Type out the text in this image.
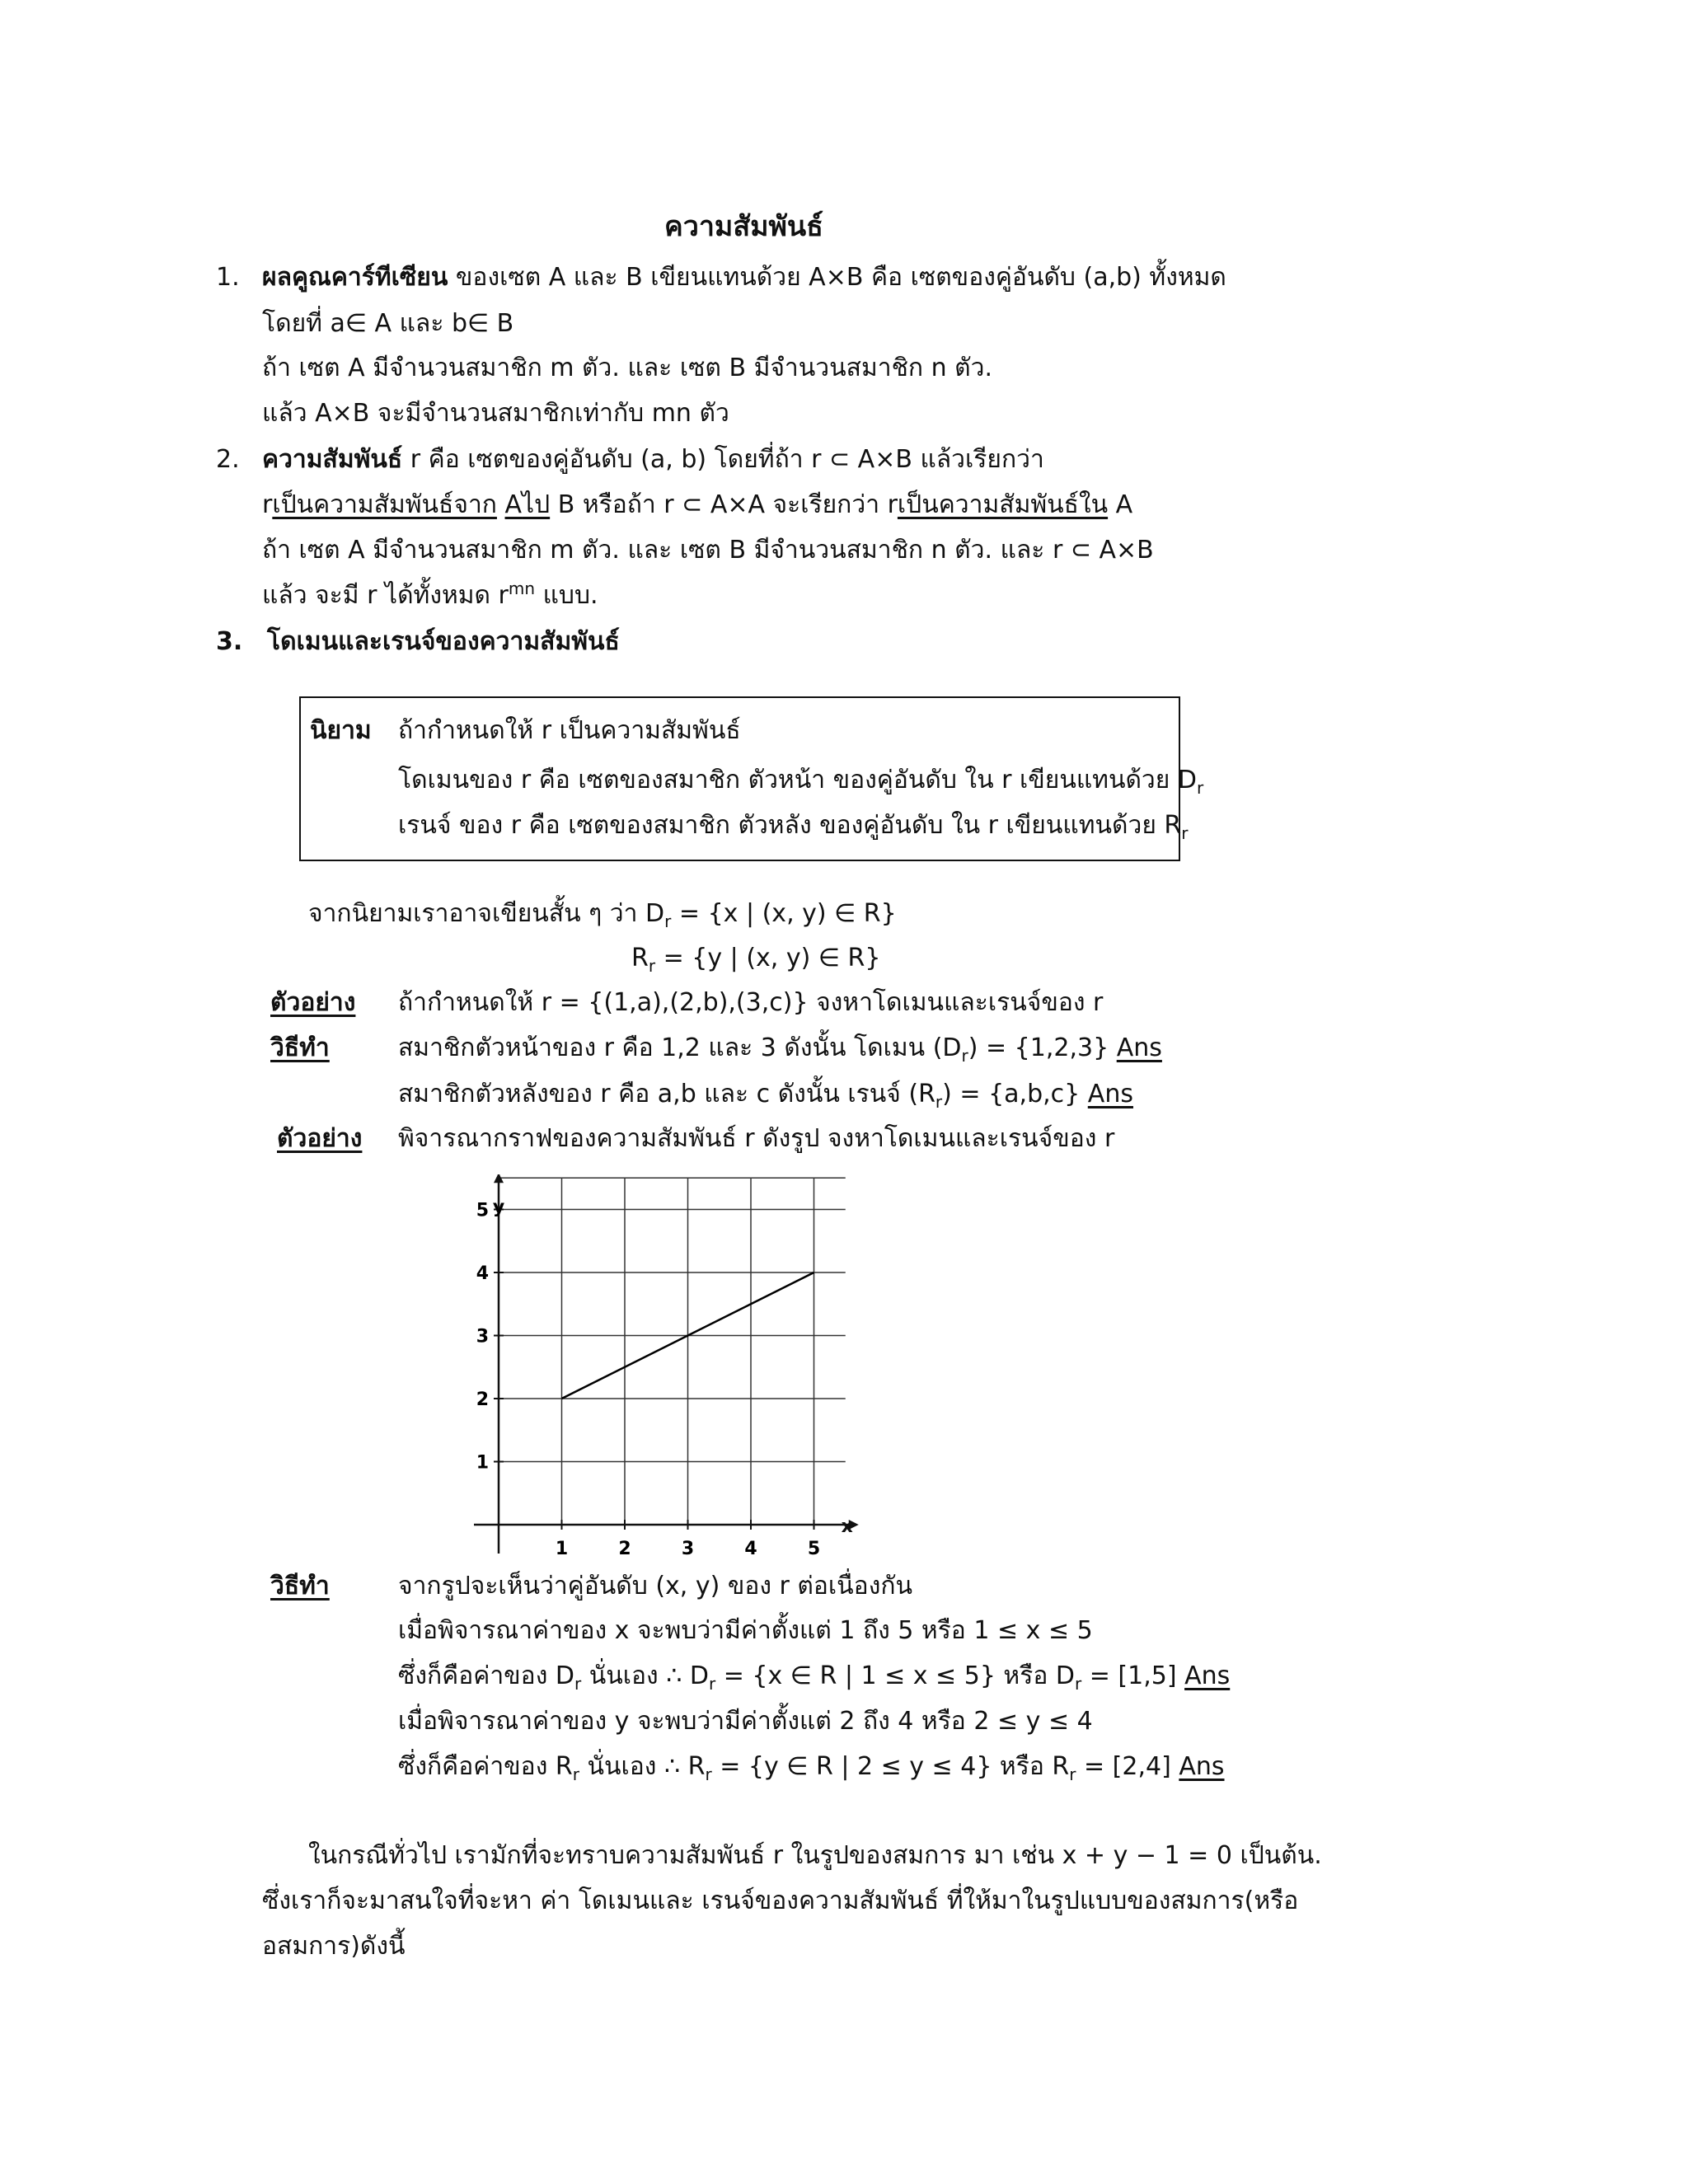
ความสัมพันธ์
1. ผลคูณคาร์ทีเซียน ของเซต A และ B เขียนแทนด้วย A×B คือ เซตของคู่อันดับ (a,b) ทั้งหมด
โดยที่ a∈ A และ b∈ B
ถ้า เซต A มีจำนวนสมาชิก m ตัว. และ เซต B มีจำนวนสมาชิก n ตัว.
แล้ว A×B จะมีจำนวนสมาชิกเท่ากับ mn ตัว
2. ความสัมพันธ์ r คือ เซตของคู่อันดับ (a, b) โดยที่ถ้า r ⊂ A×B แล้วเรียกว่า
rเป็นความสัมพันธ์จาก Aไป B หรือถ้า r ⊂ A×A จะเรียกว่า rเป็นความสัมพันธ์ใน A
ถ้า เซต A มีจำนวนสมาชิก m ตัว. และ เซต B มีจำนวนสมาชิก n ตัว. และ r ⊂ A×B
แล้ว จะมี r ได้ทั้งหมด $r^{mn}$ แบบ.
3. โดเมนและเรนจ์ของความสัมพันธ์
นิยาม ถ้ากำหนดให้ r เป็นความสัมพันธ์
โดเมนของ r คือ เซตของสมาชิก ตัวหน้า ของคู่อันดับ ใน r เขียนแทนด้วย $D_r$
เรนจ์ ของ r คือ เซตของสมาชิก ตัวหลัง ของคู่อันดับ ใน r เขียนแทนด้วย $R_r$
จากนิยามเราอาจเขียนสั้น ๆ ว่า $D_r = \{x$ | (x, y) ∈ R}
$R_r = \{y$ | (x, y) ∈ R}
ตัวอย่าง ถ้ากำหนดให้ r = {(1,a),(2,b),(3,c)} จงหาโดเมนและเรนจ์ของ r
วิธีทำ	สมาชิกตัวหน้าของ r คือ 1,2 และ 3 ดังนั้น โดเมน $(D_r) = \{1,2,3\}$ Ans
สมาชิกตัวหลังของ r คือ a,b และ c ดังนั้น เรนจ์ $(R_r) = \{a,b,c\}$ Ans
ตัวอย่าง พิจารณากราฟของความสัมพันธ์ r ดังรูป จงหาโดเมนและเรนจ์ของ r
1	2	3	4	5
1
2
3
4
5 y
x
วิธีทำ	จากรูปจะเห็นว่าคู่อันดับ (x, y) ของ r ต่อเนื่องกัน
เมื่อพิจารณาค่าของ x จะพบว่ามีค่าตั้งแต่ 1 ถึง 5 หรือ 1 ≤ x ≤ 5
ซึ่งก็คือค่าของ $D_r$ นั่นเอง ∴ $D_r = \{x$ ∈ R | 1 ≤ x ≤ 5} หรือ $D_r = [1,5]$ Ans
เมื่อพิจารณาค่าของ y จะพบว่ามีค่าตั้งแต่ 2 ถึง 4 หรือ 2 ≤ y ≤ 4
ซึ่งก็คือค่าของ $R_r$ นั่นเอง ∴ $R_r = \{y$ ∈ R | 2 ≤ y ≤ 4} หรือ $R_r = [2,4]$ Ans
ในกรณีทั่วไป เรามักที่จะทราบความสัมพันธ์ r ในรูปของสมการ มา เช่น x + y − 1 = 0 เป็นต้น.
ซึ่งเราก็จะมาสนใจที่จะหา ค่า โดเมนและ เรนจ์ของความสัมพันธ์ ที่ให้มาในรูปแบบของสมการ(หรือ
อสมการ)ดังนี้
